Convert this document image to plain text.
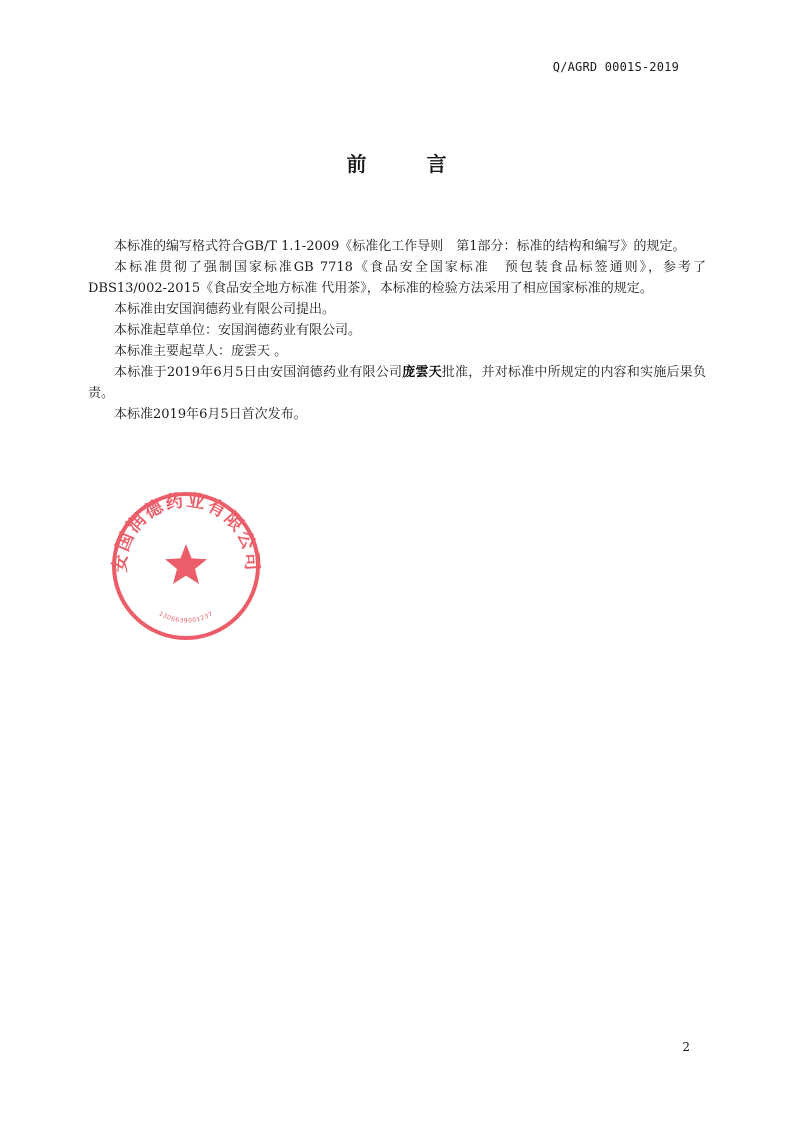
Q/AGRD 0001S-2019
前言

本标准的编写格式符合GB/T 1.1-2009《标准化工作导则　第1部分：标准的结构和编写》的规定。

本标准贯彻了强制国家标准GB 7718《食品安全国家标准　预包装食品标签通则》，参考了DBS13/002-2015《食品安全地方标准 代用茶》，本标准的检验方法采用了相应国家标准的规定。

本标准由安国润德药业有限公司提出。

本标准起草单位：安国润德药业有限公司。

本标准主要起草人：庞雲天 。

本标准于2019年6月5日由安国润德药业有限公司庞雲天批准，并对标准中所规定的内容和实施后果负责。

本标准2019年6月5日首次发布。

安国润德药业有限公司
1306639001237
2
